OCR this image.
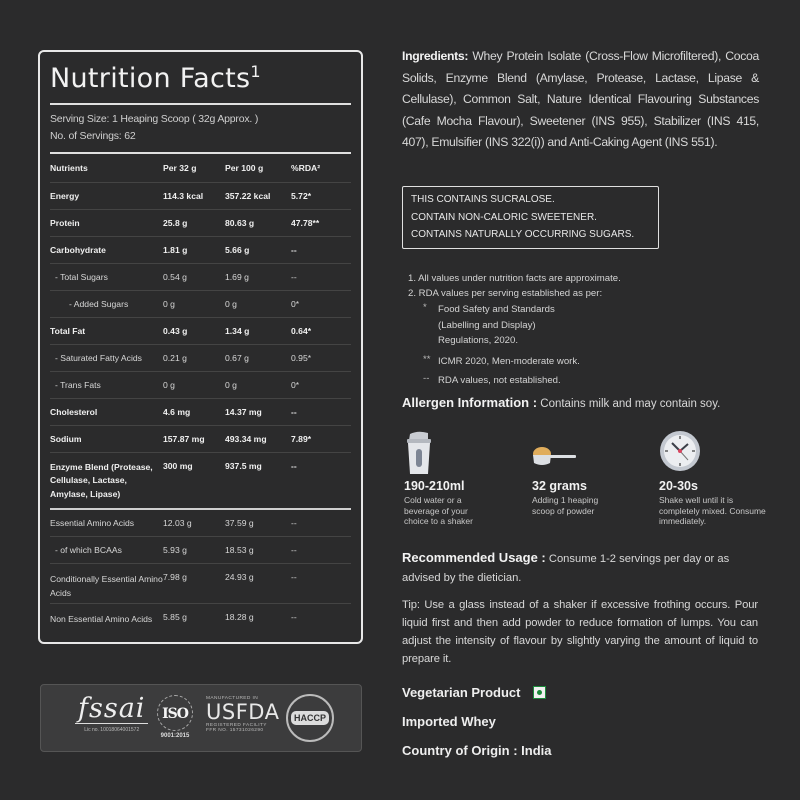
Nutrition Facts$^1$
Serving Size: 1 Heaping Scoop ( 32g Approx. )
No. of Servings: 62
Nutrients	Per 32 g	Per 100 g	%RDA²
Energy	114.3 kcal	357.22 kcal	5.72*
Protein	25.8 g	80.63 g	47.78**
Carbohydrate	1.81 g	5.66 g	--
- Total Sugars	0.54 g	1.69 g	--
- Added Sugars	0 g	0 g	0*
Total Fat	0.43 g	1.34 g	0.64*
- Saturated Fatty Acids	0.21 g	0.67 g	0.95*
- Trans Fats	0 g	0 g	0*
Cholesterol	4.6 mg	14.37 mg	--
Sodium	157.87 mg	493.34 mg	7.89*
Enzyme Blend (Protease, Cellulase, Lactase, Amylase, Lipase)	300 mg	937.5 mg	--
Essential Amino Acids	12.03 g	37.59 g	--
- of which BCAAs	5.93 g	18.53 g	--
Conditionally Essential Amino Acids	7.98 g	24.93 g	--
Non Essential Amino Acids	5.85 g	18.28 g	--
fssai
Lic no. 10018064001572
ISO
9001:2015
MANUFACTURED IN
USFDA
REGISTERED FACILITY
FFR NO. 15731026290
HACCP
Ingredients: Whey Protein Isolate (Cross-Flow Microfiltered), Cocoa Solids, Enzyme Blend (Amylase, Protease, Lactase, Lipase & Cellulase), Common Salt, Nature Identical Flavouring Substances (Cafe Mocha Flavour), Sweetener (INS 955), Stabilizer (INS 415, 407), Emulsifier (INS 322(i)) and Anti-Caking Agent (INS 551).
THIS CONTAINS SUCRALOSE.
CONTAIN NON-CALORIC SWEETENER.
CONTAINS NATURALLY OCCURRING SUGARS.
1. All values under nutrition facts are approximate.
2. RDA values per serving established as per:
*	Food Safety and Standards (Labelling and Display) Regulations, 2020.
** ICMR 2020, Men-moderate work.
-- RDA values, not established.
Allergen Information : Contains milk and may contain soy.
190-210ml
Cold water or a beverage of your choice to a shaker
32 grams
Adding 1 heaping scoop of powder
20-30s
Shake well until it is completely mixed. Consume immediately.
Recommended Usage : Consume 1-2 servings per day or as advised by the dietician.
Tip: Use a glass instead of a shaker if excessive frothing occurs. Pour liquid first and then add powder to reduce formation of lumps. You can adjust the intensity of flavour by slightly varying the amount of liquid to prepare it.
Vegetarian Product
Imported Whey
Country of Origin : India
